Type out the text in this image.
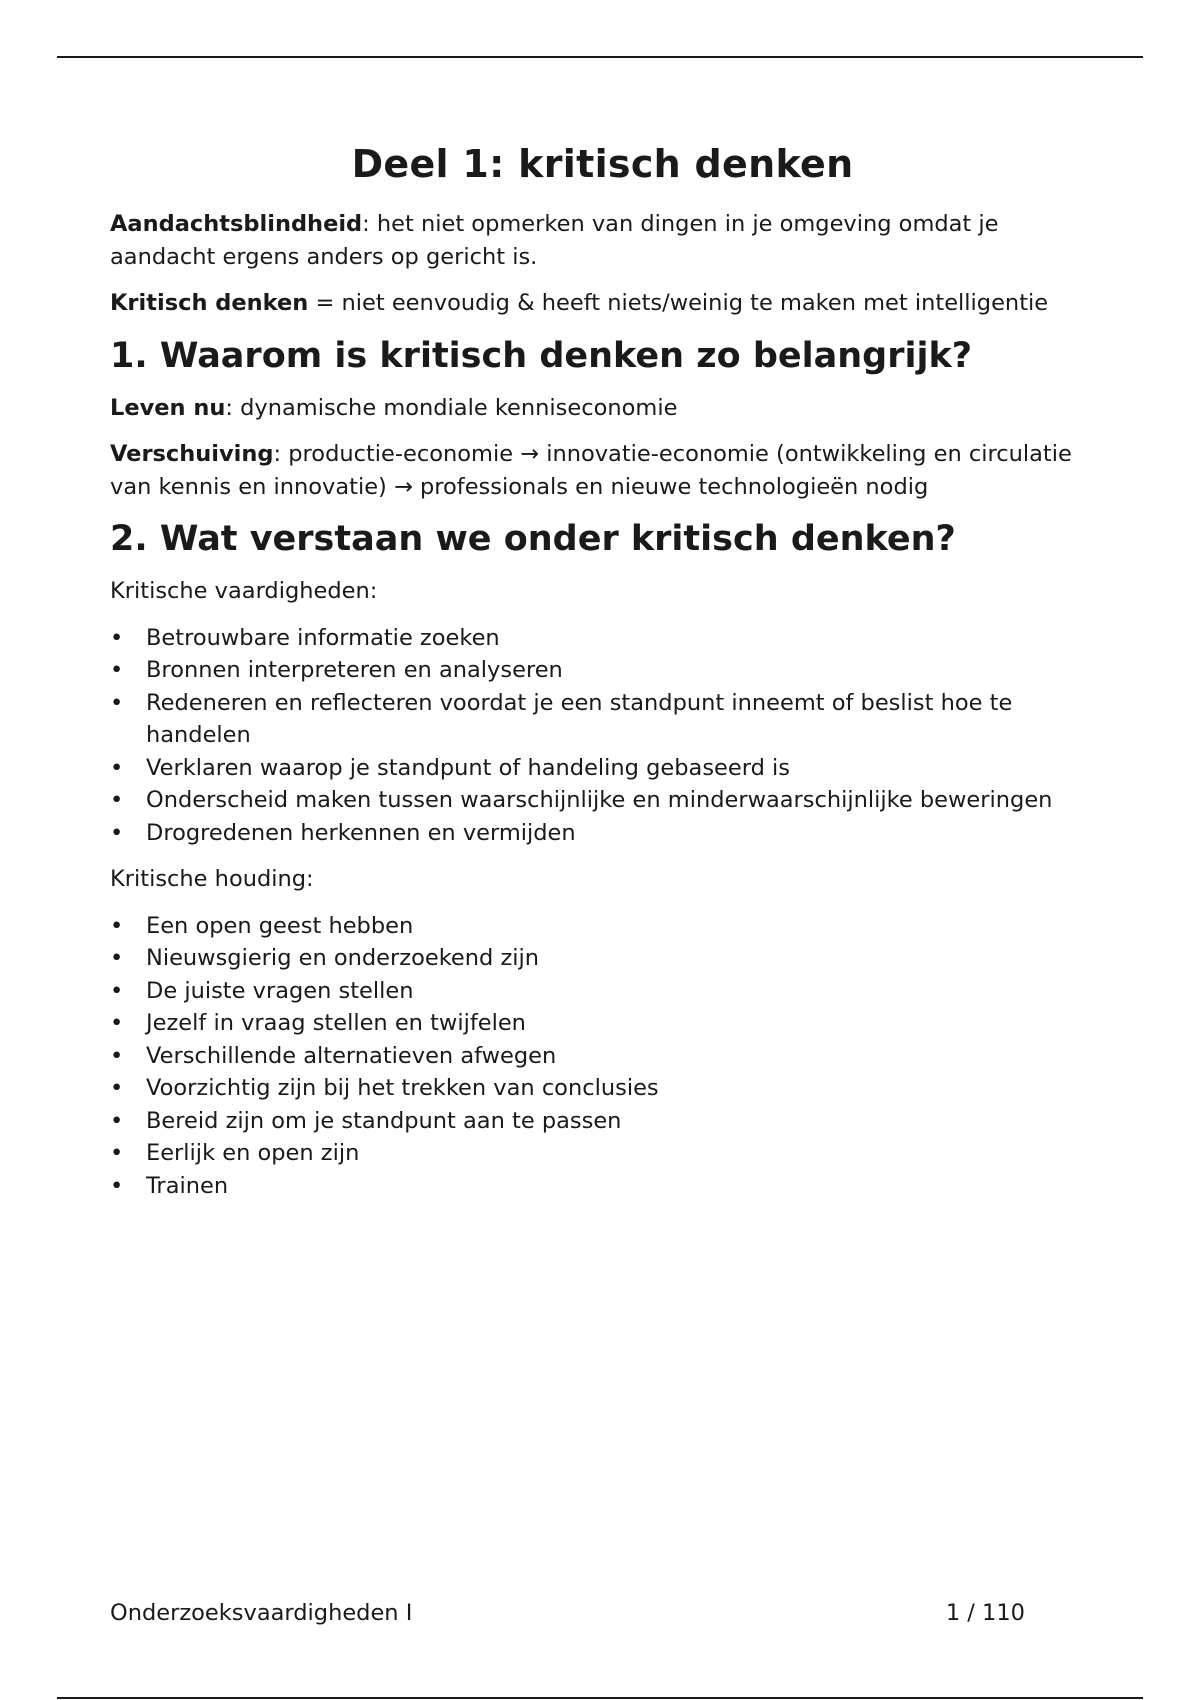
Deel 1: kritisch denken

Aandachtsblindheid: het niet opmerken van dingen in je omgeving omdat je aandacht ergens anders op gericht is.

Kritisch denken = niet eenvoudig & heeft niets/weinig te maken met intelligentie

1. Waarom is kritisch denken zo belangrijk?

Leven nu: dynamische mondiale kenniseconomie

Verschuiving: productie-economie → innovatie-economie (ontwikkeling en circulatie van kennis en innovatie) → professionals en nieuwe technologieën nodig

2. Wat verstaan we onder kritisch denken?

Kritische vaardigheden:

• Betrouwbare informatie zoeken
• Bronnen interpreteren en analyseren
• Redeneren en reflecteren voordat je een standpunt inneemt of beslist hoe te handelen
• Verklaren waarop je standpunt of handeling gebaseerd is
• Onderscheid maken tussen waarschijnlijke en minderwaarschijnlijke beweringen
• Drogredenen herkennen en vermijden

Kritische houding:

• Een open geest hebben
• Nieuwsgierig en onderzoekend zijn
• De juiste vragen stellen
• Jezelf in vraag stellen en twijfelen
• Verschillende alternatieven afwegen
• Voorzichtig zijn bij het trekken van conclusies
• Bereid zijn om je standpunt aan te passen
• Eerlijk en open zijn
• Trainen
Onderzoeksvaardigheden I	1 / 110
